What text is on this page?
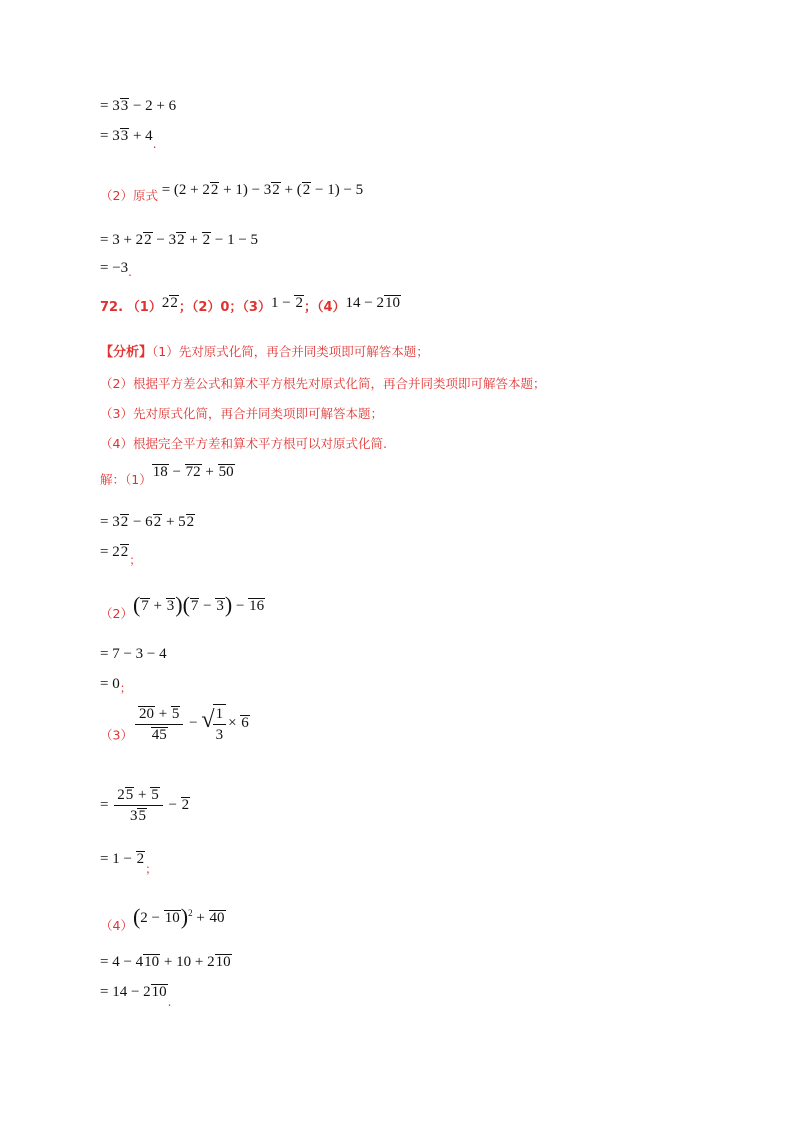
= 33 − 2 + 6
= $33 + 4_.$
$_{(2)原式}$ = (2 + 22 + 1) − 32 + (2 − 1) − 5
= 3 + 22 − 32 + 2 − 1 − 5
= $-3_.$
72. （1）22；（2）0；（3）1 − 2；（4）14 − 210
【分析】（1）先对原式化简，再合并同类项即可解答本题；
（2）根据平方差公式和算术平方根先对原式化简，再合并同类项即可解答本题；
（3）先对原式化简，再合并同类项即可解答本题；
（4）根据完全平方差和算术平方根可以对原式化简.
$_{解:(1)}$18 − 72 + 50
= 32 − 62 + 52
= $22_;$
$_{(2)}$(7 + 3)(7 − 3) − 16
= 7 − 3 − 4
= $0_;$
$_{(3)} \frac{20 + 5}{45}$ − √
$\frac{1}{3} \times 6$
= $\frac{25 + 5}{35} - 2$
= $1 - 2_;$
$_{(4)}(2 - 10)^2 + 40$
= 4 − 410 + 10 + 210
= $14 - 210_.$
